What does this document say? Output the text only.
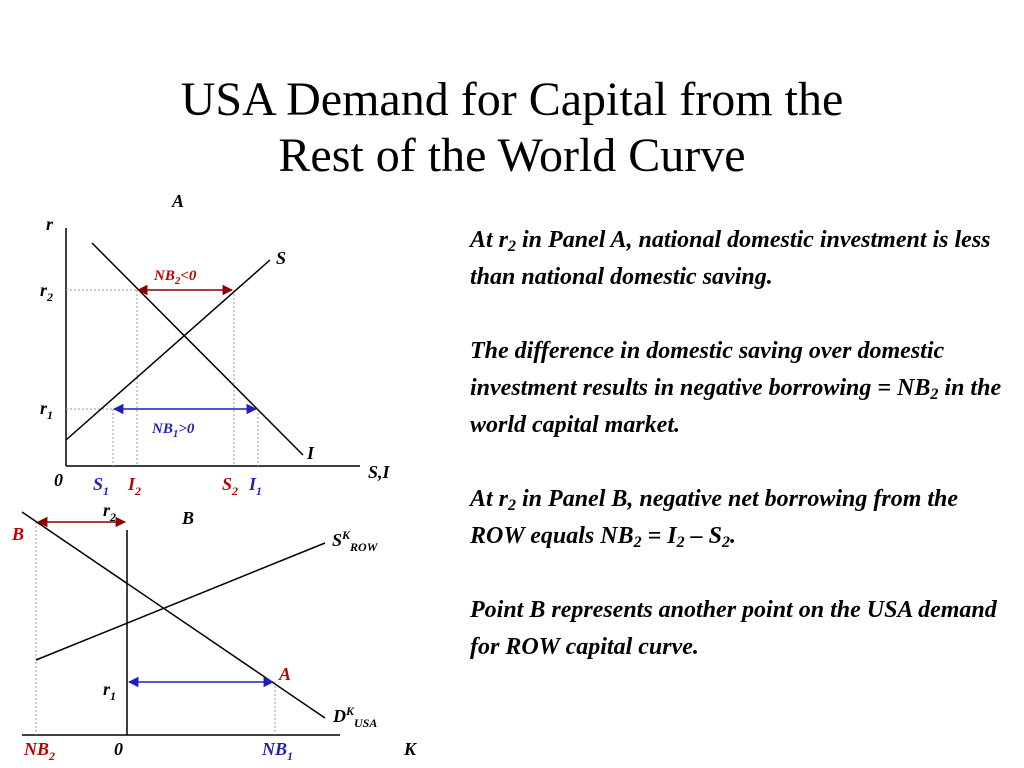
USA Demand for Capital from the
Rest of the World Curve
A
r
S,I
0
$r_2$
$r_1$
S
I
$NB_2<0$
$NB_1>0$
$S_1$ $I_2$	$S_2$ $I_1$
B
$r_2$
$r_1$
B
A
$S^K_{ROW}$
$D^K_{USA}$
0	K
$NB_2$	$NB_1$

At $r_2$ in Panel A, national domestic investment is less than national domestic saving.

The difference in domestic saving over domestic investment results in negative borrowing = $NB_2$ in the world capital market.

At $r_2$ in Panel B, negative net borrowing from the ROW equals $NB_2 = I_2 - S_2$.

Point B represents another point on the USA demand for ROW capital curve.
